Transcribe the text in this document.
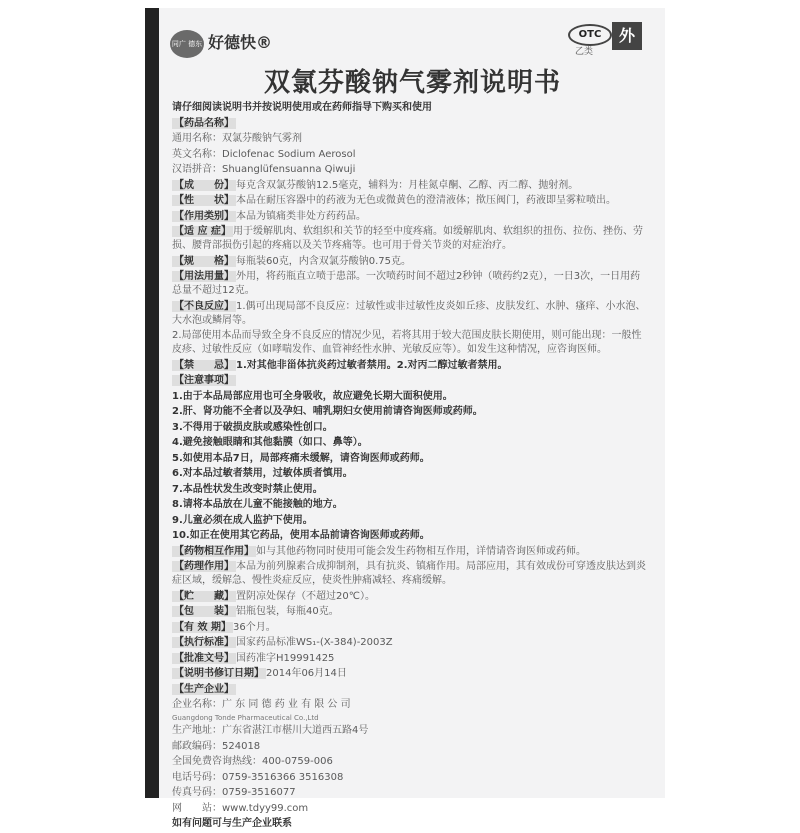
同广 德东 好德快®	OTC
乙类
外
双氯芬酸钠气雾剂说明书

请仔细阅读说明书并按说明使用或在药师指导下购买和使用

【药品名称】

通用名称：双氯芬酸钠气雾剂

英文名称：Diclofenac Sodium Aerosol

汉语拼音：Shuanglüfensuanna Qiwuji

【成　　份】 每克含双氯芬酸钠12.5毫克，辅料为：月桂氮卓酮、乙醇、丙二醇、抛射剂。

【性　　状】 本品在耐压容器中的药液为无色或微黄色的澄清液体；揿压阀门，药液即呈雾粒喷出。

【作用类别】 本品为镇痛类非处方药药品。

【适 应 症】 用于缓解肌肉、软组织和关节的轻至中度疼痛。如缓解肌肉、软组织的扭伤、拉伤、挫伤、劳损、腰背部损伤引起的疼痛以及关节疼痛等。也可用于骨关节炎的对症治疗。

【规　　格】 每瓶装60克，内含双氯芬酸钠0.75克。

【用法用量】 外用，将药瓶直立喷于患部。一次喷药时间不超过2秒钟（喷药约2克），一日3次，一日用药总量不超过12克。

【不良反应】 1.偶可出现局部不良反应：过敏性或非过敏性皮炎如丘疹、皮肤发红、水肿、瘙痒、小水泡、大水泡或鳞屑等。

2.局部使用本品而导致全身不良反应的情况少见，若将其用于较大范围皮肤长期使用，则可能出现：一般性皮疹、过敏性反应（如哮喘发作、血管神经性水肿、光敏反应等）。如发生这种情况，应咨询医师。

【禁　　忌】 1.对其他非甾体抗炎药过敏者禁用。2.对丙二醇过敏者禁用。

【注意事项】

1.由于本品局部应用也可全身吸收，故应避免长期大面积使用。

2.肝、肾功能不全者以及孕妇、哺乳期妇女使用前请咨询医师或药师。

3.不得用于破损皮肤或感染性创口。

4.避免接触眼睛和其他黏膜（如口、鼻等）。

5.如使用本品7日，局部疼痛未缓解，请咨询医师或药师。

6.对本品过敏者禁用，过敏体质者慎用。

7.本品性状发生改变时禁止使用。

8.请将本品放在儿童不能接触的地方。

9.儿童必须在成人监护下使用。

10.如正在使用其它药品，使用本品前请咨询医师或药师。

【药物相互作用】 如与其他药物同时使用可能会发生药物相互作用，详情请咨询医师或药师。

【药理作用】 本品为前列腺素合成抑制剂，具有抗炎、镇痛作用。局部应用，其有效成份可穿透皮肤达到炎症区域，缓解急、慢性炎症反应，使炎性肿痛减轻、疼痛缓解。

【贮　　藏】 置阴凉处保存（不超过20℃）。

【包　　装】 铝瓶包装，每瓶40克。

【有 效 期】 36个月。

【执行标准】 国家药品标准WS₁-(X-384)-2003Z

【批准文号】 国药准字H19991425

【说明书修订日期】 2014年06月14日

【生产企业】

企业名称：广 东 同 德 药 业 有 限 公 司

Guangdong Tonde Pharmaceutical Co.,Ltd

生产地址：广东省湛江市椹川大道西五路4号

邮政编码：524018

全国免费咨询热线：400-0759-006

电话号码：0759-3516366 3516308

传真号码：0759-3516077

网　　站：www.tdyy99.com

如有问题可与生产企业联系
